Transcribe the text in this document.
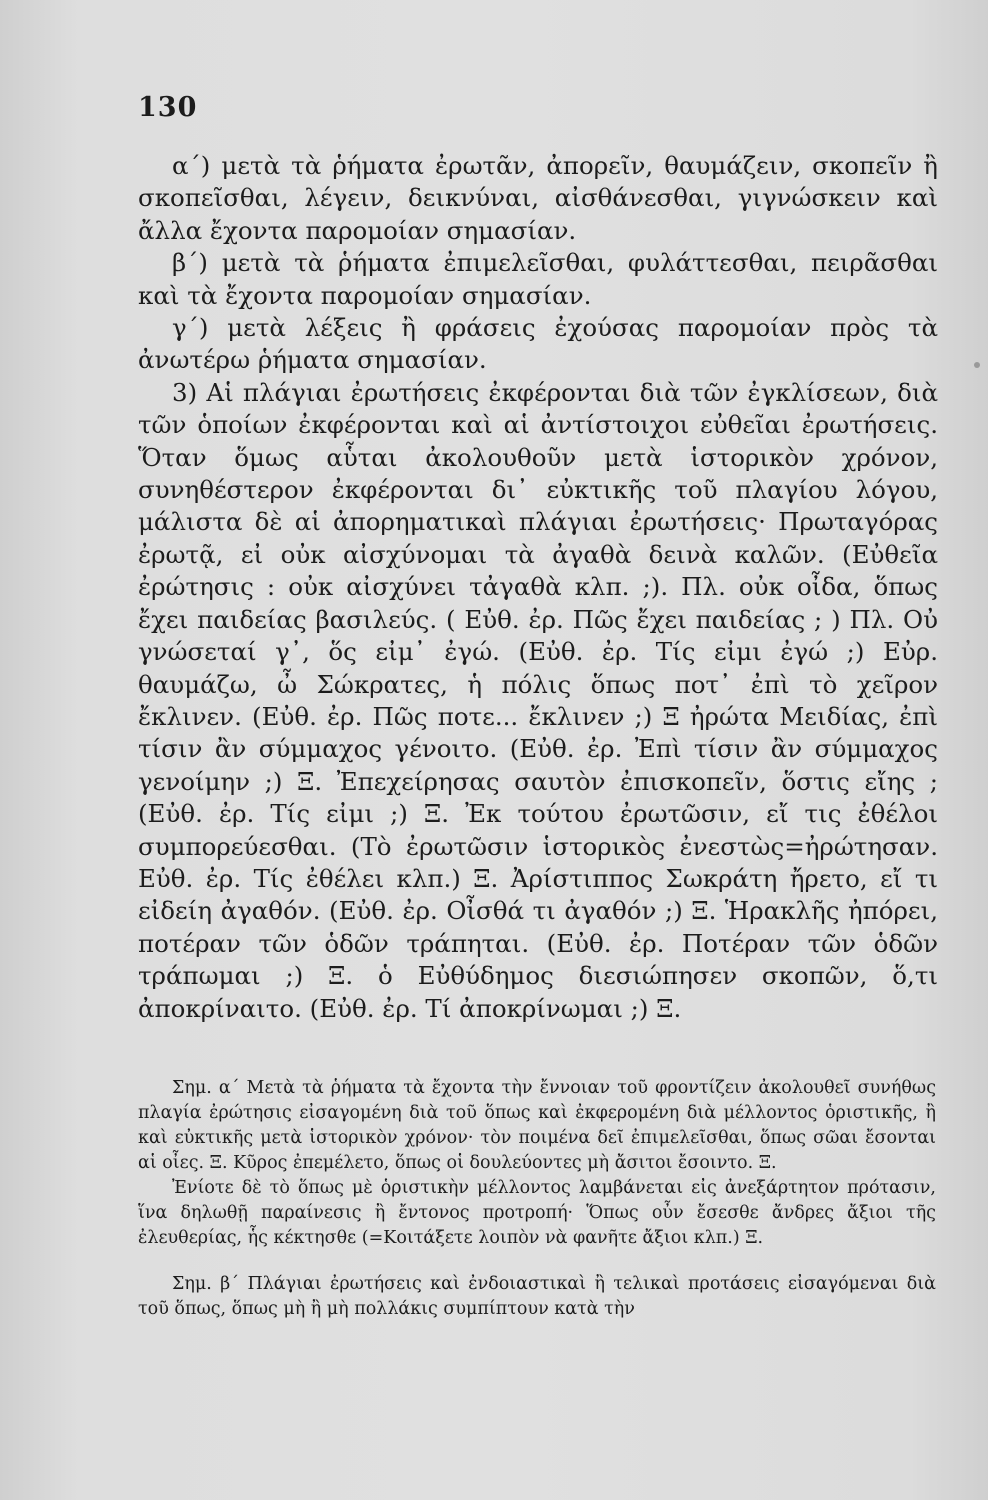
130

α΄) μετὰ τὰ ῥήματα ἐρωτᾶν, ἀπορεῖν, θαυμάζειν, σκοπεῖν ἢ σκοπεῖσθαι, λέγειν, δεικνύναι, αἰσθάνεσθαι, γιγνώσκειν καὶ ἄλλα ἔχοντα παρομοίαν σημασίαν.

β΄) μετὰ τὰ ῥήματα ἐπιμελεῖσθαι, φυλάττεσθαι, πειρᾶσθαι καὶ τὰ ἔχοντα παρομοίαν σημασίαν.

γ΄) μετὰ λέξεις ἢ φράσεις ἐχούσας παρομοίαν πρὸς τὰ ἀνωτέρω ῥήματα σημασίαν.

3) Αἱ πλάγιαι ἐρωτήσεις ἐκφέρονται διὰ τῶν ἐγκλίσεων, διὰ τῶν ὁποίων ἐκφέρονται καὶ αἱ ἀντίστοιχοι εὐθεῖαι ἐρωτήσεις. Ὅταν ὅμως αὗται ἀκολουθοῦν μετὰ ἱστορικὸν χρόνον, συνηθέστερον ἐκφέρονται δι᾿ εὐκτικῆς τοῦ πλαγίου λόγου, μάλιστα δὲ αἱ ἀπορηματικαὶ πλάγιαι ἐρωτήσεις· Πρωταγόρας ἐρωτᾷ, εἰ οὐκ αἰσχύνομαι τὰ ἀγαθὰ δεινὰ καλῶν. (Εὐθεῖα ἐρώτησις : οὐκ αἰσχύνει τἀγαθὰ κλπ. ;). Πλ. οὐκ οἶδα, ὅπως ἔχει παιδείας βασιλεύς. ( Εὐθ. ἐρ. Πῶς ἔχει παιδείας ; ) Πλ. Οὐ γνώσεταί γ᾿, ὅς εἰμ᾿ ἐγώ. (Εὐθ. ἐρ. Τίς εἰμι ἐγώ ;) Εὐρ. θαυμάζω, ὦ Σώκρατες, ἡ πόλις ὅπως ποτ᾿ ἐπὶ τὸ χεῖρον ἔκλινεν. (Εὐθ. ἐρ. Πῶς ποτε... ἔκλινεν ;) Ξ ἠρώτα Μειδίας, ἐπὶ τίσιν ἂν σύμμαχος γένοιτο. (Εὐθ. ἐρ. Ἐπὶ τίσιν ἂν σύμμαχος γενοίμην ;) Ξ. Ἐπεχείρησας σαυτὸν ἐπισκοπεῖν, ὅστις εἴης ; (Εὐθ. ἐρ. Τίς εἰμι ;) Ξ. Ἐκ τούτου ἐρωτῶσιν, εἴ τις ἐθέλοι συμπορεύεσθαι. (Τὸ ἐρωτῶσιν ἱστορικὸς ἐνεστὼς=ἠρώτησαν. Εὐθ. ἐρ. Τίς ἐθέλει κλπ.) Ξ. Ἀρίστιππος Σωκράτη ἤρετο, εἴ τι εἰδείη ἀγαθόν. (Εὐθ. ἐρ. Οἶσθά τι ἀγαθόν ;) Ξ. Ἡρακλῆς ἠπόρει, ποτέραν τῶν ὁδῶν τράπηται. (Εὐθ. ἐρ. Ποτέραν τῶν ὁδῶν τράπωμαι ;) Ξ. ὁ Εὐθύδημος διεσιώπησεν σκοπῶν, ὅ,τι ἀποκρίναιτο. (Εὐθ. ἐρ. Τί ἀποκρίνωμαι ;) Ξ.

Σημ. α΄ Μετὰ τὰ ῥήματα τὰ ἔχοντα τὴν ἔννοιαν τοῦ φροντίζειν ἀκολουθεῖ συνήθως πλαγία ἐρώτησις εἰσαγομένη διὰ τοῦ ὅπως καὶ ἐκφερομένη διὰ μέλλοντος ὁριστικῆς, ἢ καὶ εὐκτικῆς μετὰ ἱστορικὸν χρόνον· τὸν ποιμένα δεῖ ἐπιμελεῖσθαι, ὅπως σῶαι ἔσονται αἱ οἶες. Ξ. Κῦρος ἐπεμέλετο, ὅπως οἱ δουλεύοντες μὴ ἄσιτοι ἔσοιντο. Ξ.

Ἐνίοτε δὲ τὸ ὅπως μὲ ὁριστικὴν μέλλοντος λαμβάνεται εἰς ἀνεξάρτητον πρότασιν, ἵνα δηλωθῇ παραίνεσις ἢ ἔντονος προτροπή· Ὅπως οὖν ἔσεσθε ἄνδρες ἄξιοι τῆς ἐλευθερίας, ἧς κέκτησθε (=Κοιτάξετε λοιπὸν νὰ φανῆτε ἄξιοι κλπ.) Ξ.

Σημ. β΄ Πλάγιαι ἐρωτήσεις καὶ ἐνδοιαστικαὶ ἢ τελικαὶ προτάσεις εἰσαγόμεναι διὰ τοῦ ὅπως, ὅπως μὴ ἢ μὴ πολλάκις συμπίπτουν κατὰ τὴν
